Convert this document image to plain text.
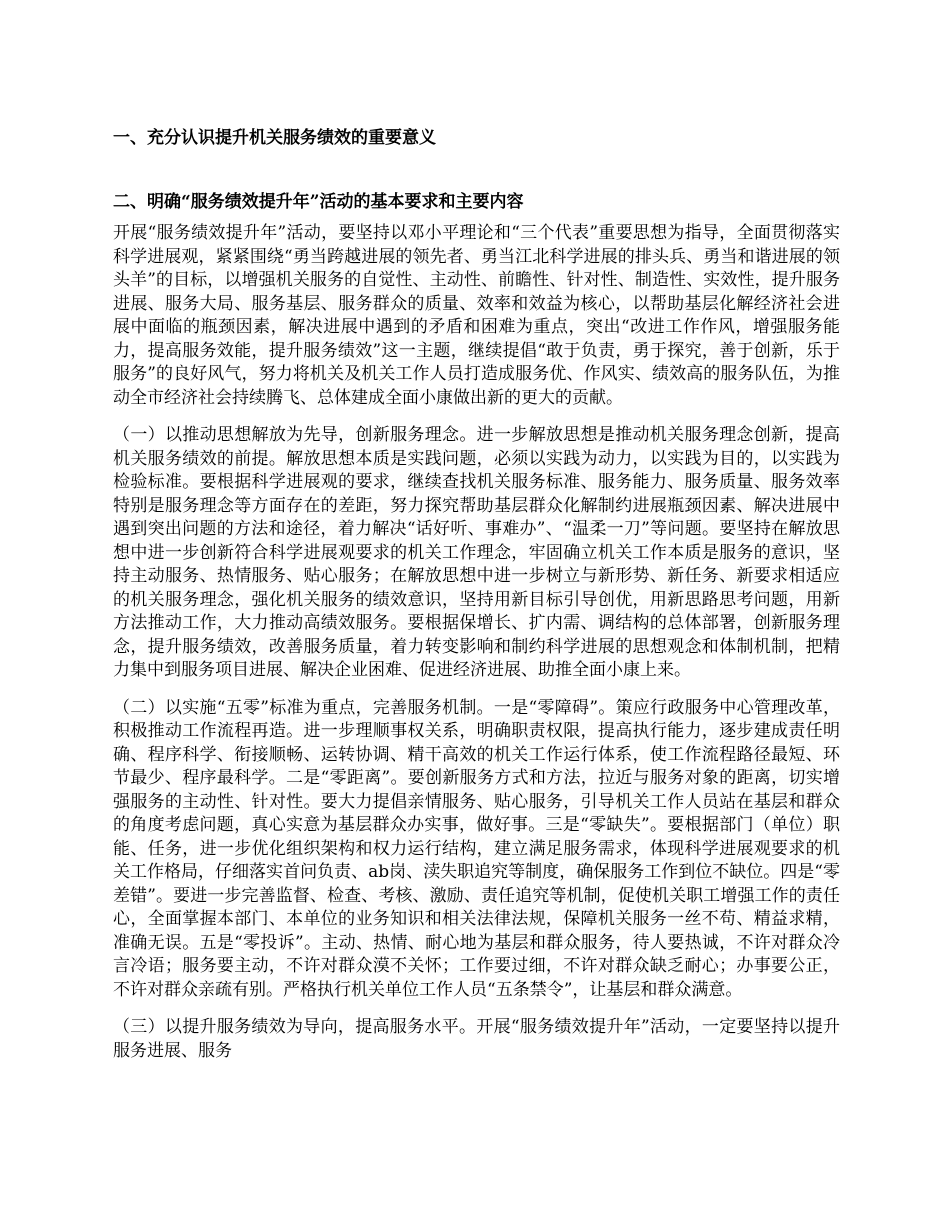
一、充分认识提升机关服务绩效的重要意义
二、明确“服务绩效提升年”活动的基本要求和主要内容

开展“服务绩效提升年”活动，要坚持以邓小平理论和“三个代表”重要思想为指导，全面贯彻落实科学进展观，紧紧围绕“勇当跨越进展的领先者、勇当江北科学进展的排头兵、勇当和谐进展的领头羊”的目标，以增强机关服务的自觉性、主动性、前瞻性、针对性、制造性、实效性，提升服务进展、服务大局、服务基层、服务群众的质量、效率和效益为核心，以帮助基层化解经济社会进展中面临的瓶颈因素，解决进展中遇到的矛盾和困难为重点，突出“改进工作作风，增强服务能力，提高服务效能，提升服务绩效”这一主题，继续提倡“敢于负责，勇于探究，善于创新，乐于服务”的良好风气，努力将机关及机关工作人员打造成服务优、作风实、绩效高的服务队伍，为推动全市经济社会持续腾飞、总体建成全面小康做出新的更大的贡献。

（一）以推动思想解放为先导，创新服务理念。进一步解放思想是推动机关服务理念创新，提高机关服务绩效的前提。解放思想本质是实践问题，必须以实践为动力，以实践为目的，以实践为检验标准。要根据科学进展观的要求，继续查找机关服务标准、服务能力、服务质量、服务效率特别是服务理念等方面存在的差距，努力探究帮助基层群众化解制约进展瓶颈因素、解决进展中遇到突出问题的方法和途径，着力解决“话好听、事难办”、“温柔一刀”等问题。要坚持在解放思想中进一步创新符合科学进展观要求的机关工作理念，牢固确立机关工作本质是服务的意识，坚持主动服务、热情服务、贴心服务；在解放思想中进一步树立与新形势、新任务、新要求相适应的机关服务理念，强化机关服务的绩效意识，坚持用新目标引导创优，用新思路思考问题，用新方法推动工作，大力推动高绩效服务。要根据保增长、扩内需、调结构的总体部署，创新服务理念，提升服务绩效，改善服务质量，着力转变影响和制约科学进展的思想观念和体制机制，把精力集中到服务项目进展、解决企业困难、促进经济进展、助推全面小康上来。

（二）以实施“五零”标准为重点，完善服务机制。一是“零障碍”。策应行政服务中心管理改革，积极推动工作流程再造。进一步理顺事权关系，明确职责权限，提高执行能力，逐步建成责任明确、程序科学、衔接顺畅、运转协调、精干高效的机关工作运行体系，使工作流程路径最短、环节最少、程序最科学。二是“零距离”。要创新服务方式和方法，拉近与服务对象的距离，切实增强服务的主动性、针对性。要大力提倡亲情服务、贴心服务，引导机关工作人员站在基层和群众的角度考虑问题，真心实意为基层群众办实事，做好事。三是“零缺失”。要根据部门（单位）职能、任务，进一步优化组织架构和权力运行结构，建立满足服务需求，体现科学进展观要求的机关工作格局，仔细落实首问负责、ab岗、渎失职追究等制度，确保服务工作到位不缺位。四是“零差错”。要进一步完善监督、检查、考核、激励、责任追究等机制，促使机关职工增强工作的责任心，全面掌握本部门、本单位的业务知识和相关法律法规，保障机关服务一丝不苟、精益求精，准确无误。五是“零投诉”。主动、热情、耐心地为基层和群众服务，待人要热诚，不许对群众冷言冷语；服务要主动，不许对群众漠不关怀；工作要过细，不许对群众缺乏耐心；办事要公正，不许对群众亲疏有别。严格执行机关单位工作人员“五条禁令”，让基层和群众满意。

（三）以提升服务绩效为导向，提高服务水平。开展“服务绩效提升年”活动，一定要坚持以提升服务进展、服务
